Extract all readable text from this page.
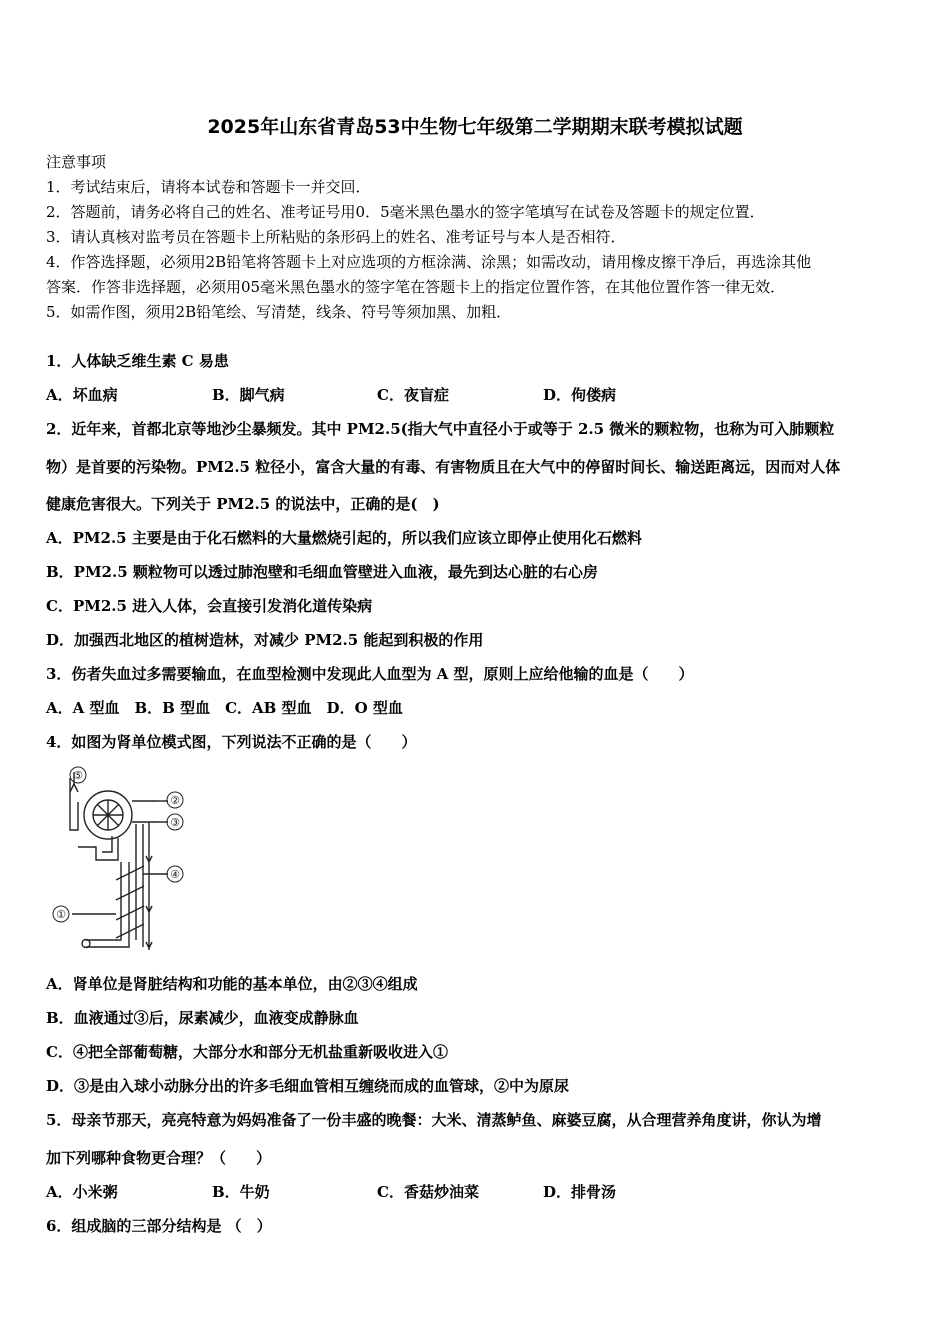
2025年山东省青岛53中生物七年级第二学期期末联考模拟试题
注意事项
1．考试结束后，请将本试卷和答题卡一并交回．
2．答题前，请务必将自己的姓名、准考证号用0．5毫米黑色墨水的签字笔填写在试卷及答题卡的规定位置．
3．请认真核对监考员在答题卡上所粘贴的条形码上的姓名、准考证号与本人是否相符．
4．作答选择题，必须用2B铅笔将答题卡上对应选项的方框涂满、涂黑；如需改动，请用橡皮擦干净后，再选涂其他
答案．作答非选择题，必须用05毫米黑色墨水的签字笔在答题卡上的指定位置作答，在其他位置作答一律无效．
5．如需作图，须用2B铅笔绘、写清楚，线条、符号等须加黑、加粗．
1．人体缺乏维生素 C 易患
A．坏血病	B．脚气病	C．夜盲症	D．佝偻病
2．近年来，首都北京等地沙尘暴频发。其中 PM2.5(指大气中直径小于或等于 2.5 微米的颗粒物，也称为可入肺颗粒
物）是首要的污染物。PM2.5 粒径小，富含大量的有毒、有害物质且在大气中的停留时间长、输送距离远，因而对人体
健康危害很大。下列关于 PM2.5 的说法中，正确的是(　)
A．PM2.5 主要是由于化石燃料的大量燃烧引起的，所以我们应该立即停止使用化石燃料
B．PM2.5 颗粒物可以透过肺泡壁和毛细血管壁进入血液，最先到达心脏的右心房
C．PM2.5 进入人体，会直接引发消化道传染病
D．加强西北地区的植树造林，对减少 PM2.5 能起到积极的作用
3．伤者失血过多需要输血，在血型检测中发现此人血型为 A 型，原则上应给他输的血是（　　）
A．A 型血　B．B 型血　C．AB 型血　D．O 型血
4．如图为肾单位模式图，下列说法不正确的是（　　）
⑤
②
③
④
①
A．肾单位是肾脏结构和功能的基本单位，由②③④组成
B．血液通过③后，尿素减少，血液变成静脉血
C．④把全部葡萄糖，大部分水和部分无机盐重新吸收进入①
D．③是由入球小动脉分出的许多毛细血管相互缠绕而成的血管球，②中为原尿
5．母亲节那天，亮亮特意为妈妈准备了一份丰盛的晚餐：大米、清蒸鲈鱼、麻婆豆腐，从合理营养角度讲，你认为增
加下列哪种食物更合理？（　　）
A．小米粥	B．牛奶	C．香菇炒油菜	D．排骨汤
6．组成脑的三部分结构是 （　）
